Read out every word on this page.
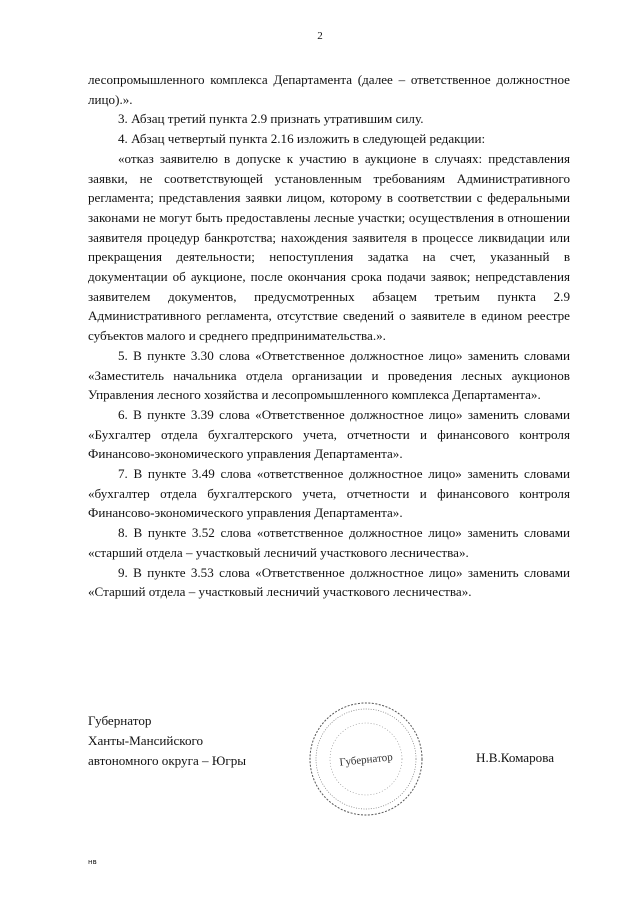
2

лесопромышленного комплекса Департамента (далее – ответственное должностное лицо).».

3. Абзац третий пункта 2.9 признать утратившим силу.

4. Абзац четвертый пункта 2.16 изложить в следующей редакции:

«отказ заявителю в допуске к участию в аукционе в случаях: представления заявки, не соответствующей установленным требованиям Административного регламента; представления заявки лицом, которому в соответствии с федеральными законами не могут быть предоставлены лесные участки; осуществления в отношении заявителя процедур банкротства; нахождения заявителя в процессе ликвидации или прекращения деятельности; непоступления задатка на счет, указанный в документации об аукционе, после окончания срока подачи заявок; непредставления заявителем документов, предусмотренных абзацем третьим пункта 2.9 Административного регламента, отсутствие сведений о заявителе в едином реестре субъектов малого и среднего предпринимательства.».

5. В пункте 3.30 слова «Ответственное должностное лицо» заменить словами «Заместитель начальника отдела организации и проведения лесных аукционов Управления лесного хозяйства и лесопромышленного комплекса Департамента».

6. В пункте 3.39 слова «Ответственное должностное лицо» заменить словами «Бухгалтер отдела бухгалтерского учета, отчетности и финансового контроля Финансово-экономического управления Департамента».

7. В пункте 3.49 слова «ответственное должностное лицо» заменить словами «бухгалтер отдела бухгалтерского учета, отчетности и финансового контроля Финансово-экономического управления Департамента».

8. В пункте 3.52 слова «ответственное должностное лицо» заменить словами «старший отдела – участковый лесничий участкового лесничества».

9. В пункте 3.53 слова «Ответственное должностное лицо» заменить словами «Старший отдела – участковый лесничий участкового лесничества».

Губернатор
Ханты-Мансийского
автономного округа – Югры	Губернатор	Н.В.Комарова
нв
